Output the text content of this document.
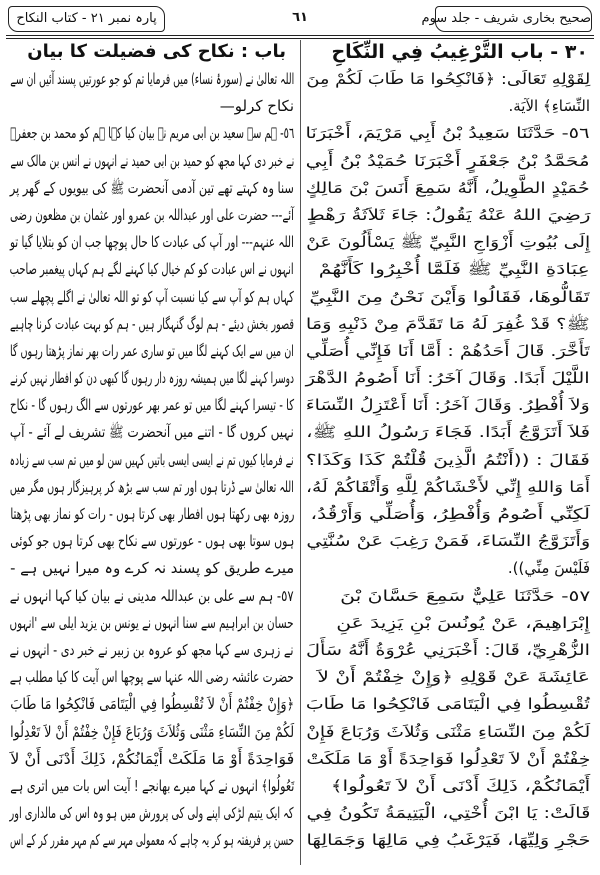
صحیح بخاری شریف - جلد سوم
٦١
پارہ نمبر ٢١ - کتاب النکاح
٣٠ - باب التَّرْغِيبُ فِي النِّكَاحِ
باب : نکاح کی فضیلت کا بیان
لِقَوْلِهِ تَعَالَى: ﴿فَانْكِحُوا مَا طَابَ لَكُمْ مِنَ
النِّسَاءِ﴾ الآيَة.
٥٦- حَدَّثَنَا سَعِيدُ بْنُ أَبِي مَرْيَمَ، أَخْبَرَنَا
مُحَمَّدُ بْنُ جَعْفَرٍ أَخْبَرَنَا حُمَيْدُ بْنُ أَبِي
حُمَيْدٍ الطَّوِيلُ، أَنَّهُ سَمِعَ أَنَسَ بْنَ مَالِكٍ
رَضِيَ اللهُ عَنْهُ يَقُولُ: جَاءَ ثَلاَثَةُ رَهْطٍ
إِلَى بُيُوتِ أَزْوَاجِ النَّبِيِّ ﷺ يَسْأَلُونَ عَنْ
عِبَادَةِ النَّبِيِّ ﷺ فَلَمَّا أُخْبِرُوا كَأَنَّهُمْ
تَقَالُّوهَا، فَقَالُوا وَأَيْنَ نَحْنُ مِنَ النَّبِيِّ
ﷺ؟ قَدْ غُفِرَ لَهُ مَا تَقَدَّمَ مِنْ ذَنْبِهِ وَمَا
تَأَخَّرَ. قَالَ أَحَدُهُمْ : أَمَّا أَنَا فَإِنِّي أُصَلِّي
اللَّيْلَ أَبَدًا. وَقَالَ آخَرُ: أَنَا أَصُومُ الدَّهْرَ
وَلاَ أُفْطِرُ. وَقَالَ آخَرُ: أَنَا أَعْتَزِلُ النِّسَاءَ
فَلاَ أَتَزَوَّجُ أَبَدًا. فَجَاءَ رَسُولُ اللهِ ﷺ،
فَقَالَ : ((أَنْتُمُ الَّذِينَ قُلْتُمْ كَذَا وَكَذَا؟
أَمَا وَاللهِ إِنِّي لأَخْشَاكُمْ لِلَّهِ وَأَتْقَاكُمْ لَهُ،
لَكِنِّي أَصُومُ وَأُفْطِرُ، وَأُصَلِّي وَأَرْقُدُ،
وَأَتَزَوَّجُ النِّسَاءَ، فَمَنْ رَغِبَ عَنْ سُنَّتِي
فَلَيْسَ مِنِّي)).
٥٧- حَدَّثَنَا عَلِيٌّ سَمِعَ حَسَّانَ بْنَ
إِبْرَاهِيمَ، عَنْ يُونُسَ بْنِ يَزِيدَ عَنِ
الزُّهْرِيِّ، قَالَ: أَخْبَرَنِي عُرْوَةُ أَنَّهُ سَأَلَ
عَائِشَةَ عَنْ قَوْلِهِ ﴿وَإِنْ خِفْتُمْ أَنْ لاَ
تُقْسِطُوا فِي الْيَتَامَى فَانْكِحُوا مَا طَابَ
لَكُمْ مِنَ النِّسَاءِ مَثْنَى وَثُلاَثَ وَرُبَاعَ فَإِنْ
خِفْتُمْ أَنْ لاَ تَعْدِلُوا فَوَاحِدَةً أَوْ مَا مَلَكَتْ
أَيْمَانُكُمْ، ذَلِكَ أَدْنَى أَنْ لاَ تَعُولُوا﴾
قَالَتْ: يَا ابْنَ أُخْتِي، الْيَتِيمَةُ تَكُونُ فِي
حَجْرِ وَلِيِّهَا، فَيَرْغَبُ فِي مَالِهَا وَجَمَالِهَا
اللہ تعالیٰ نے (سورۂ نساء) میں فرمایا تم کو جو عورتیں پسند آئیں ان سے
نکاح کرلو—
٥٦- ہم سے سعید بن ابی مریم نے بیان کیا کہا ہم کو محمد بن جعفرؒ
نے خبر دی کہا مجھ کو حمید بن ابی حمید نے انہوں نے انس بن مالک سے
سنا وہ کہتے تھے تین آدمی آنحضرت ﷺ کی بیویوں کے گھر پر
آئے--- حضرت علی اور عبداللہ بن عمرو اور عثمان بن مظعون رضی
اللہ عنہم--- اور آپ کی عبادت کا حال پوچھا جب ان کو بتلایا گیا تو
انہوں نے اس عبادت کو کم خیال کیا کہنے لگے ہم کہاں پیغمبر صاحب
کہاں ہم کو آپ سے کیا نسبت آپ کو تو اللہ تعالیٰ نے اگلے پچھلے سب
قصور بخش دیئے - ہم لوگ گنہگار ہیں - ہم کو بہت عبادت کرنا چاہیے
ان میں سے ایک کہنے لگا میں تو ساری عمر رات بھر نماز پڑھتا رہوں گا
دوسرا کہنے لگا میں ہمیشہ روزہ دار رہوں گا کبھی دن کو افطار نہیں کرنے
کا - تیسرا کہنے لگا میں تو عمر بھر عورتوں سے الگ رہوں گا - نکاح
نہیں کروں گا - اتنے میں آنحضرت ﷺ تشریف لے آئے - آپ
نے فرمایا کیوں تم نے ایسی ایسی باتیں کہیں سن لو میں تم سب سے زیادہ
اللہ تعالیٰ سے ڈرتا ہوں اور تم سب سے بڑھ کر پرہیزگار ہوں مگر میں
روزہ بھی رکھتا ہوں افطار بھی کرتا ہوں - رات کو نماز بھی پڑھتا
ہوں سوتا بھی ہوں - عورتوں سے نکاح بھی کرتا ہوں جو کوئی
میرے طریق کو پسند نہ کرے وہ میرا نہیں ہے -
٥٧- ہم سے علی بن عبداللہ مدینی نے بیان کیا کہا انہوں نے
حسان بن ابراہیم سے سنا انہوں نے یونس بن یزید ایلی سے 'انہوں
نے زہری سے کہا مجھ کو عروہ بن زبیر نے خبر دی - انہوں نے
حضرت عائشہ رضی اللہ عنہا سے پوچھا اس آیت کا کیا مطلب ہے
﴿وَإِنْ خِفْتُمْ أَنْ لاَ تُقْسِطُوا فِي الْيَتَامَى فَانْكِحُوا مَا طَابَ
لَكُمْ مِنَ النِّسَاءِ مَثْنَى وَثُلاَثَ وَرُبَاعَ فَإِنْ خِفْتُمْ أَنْ لاَ تَعْدِلُوا
فَوَاحِدَةً أَوْ مَا مَلَكَتْ أَيْمَانُكُمْ، ذَلِكَ أَدْنَى أَنْ لاَ
تَعُولُوا﴾ انہوں نے کہا میرے بھانجے ! آیت اس بات میں اتری ہے
کہ ایک یتیم لڑکی اپنے ولی کی پرورش میں ہو وہ اس کی مالداری اور
حسن پر فریفتہ ہو کر یہ چاہے کہ معمولی مہر سے کم مہر مقرر کر کے اس
